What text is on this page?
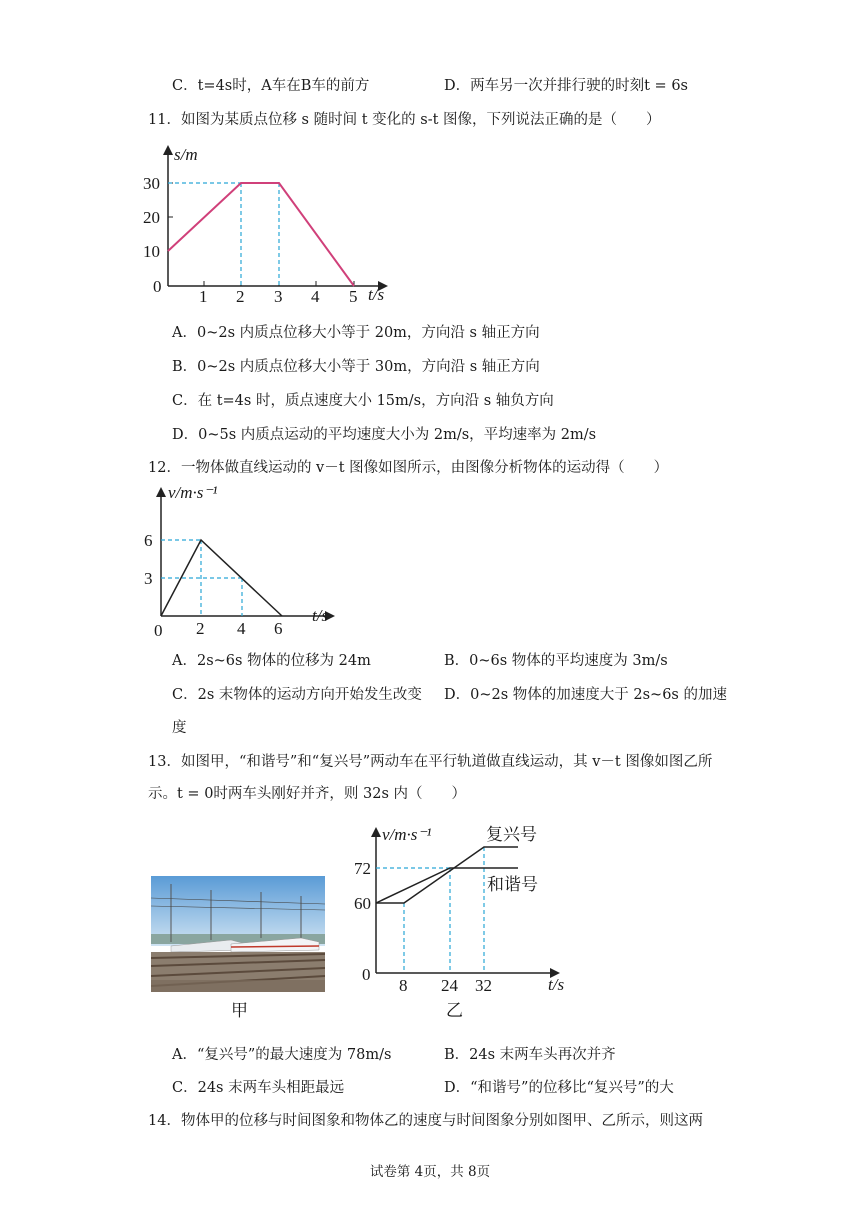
C．t=4s时，A车在B车的前方	D．两车另一次并排行驶的时刻t = 6s
11．如图为某质点位移 s 随时间 t 变化的 s-t 图像，下列说法正确的是（　　）
s/m
t/s
10
20
30
0
1 2 3 4 5
A．0~2s 内质点位移大小等于 20m，方向沿 s 轴正方向
B．0~2s 内质点位移大小等于 30m，方向沿 s 轴正方向
C．在 t=4s 时，质点速度大小 15m/s，方向沿 s 轴负方向
D．0~5s 内质点运动的平均速度大小为 2m/s，平均速率为 2m/s
12．一物体做直线运动的 v－t 图像如图所示，由图像分析物体的运动得（　　）
v/m·s⁻¹
t/s
6
3
0 2 4 6
A．2s~6s 物体的位移为 24m	B．0~6s 物体的平均速度为 3m/s
C．2s 末物体的运动方向开始发生改变 D．0~2s 物体的加速度大于 2s~6s 的加速
度
13．如图甲，“和谐号”和“复兴号”两动车在平行轨道做直线运动，其 v－t 图像如图乙所
示。t = 0时两车头刚好并齐，则 32s 内（　　）
甲
v/m·s⁻¹
t/s
72
60
0
8 24 32
复兴号
和谐号
乙
A．“复兴号”的最大速度为 78m/s	B．24s 末两车头再次并齐
C．24s 末两车头相距最远	D．“和谐号”的位移比“复兴号”的大
14．物体甲的位移与时间图象和物体乙的速度与时间图象分别如图甲、乙所示，则这两
试卷第 4页，共 8页
